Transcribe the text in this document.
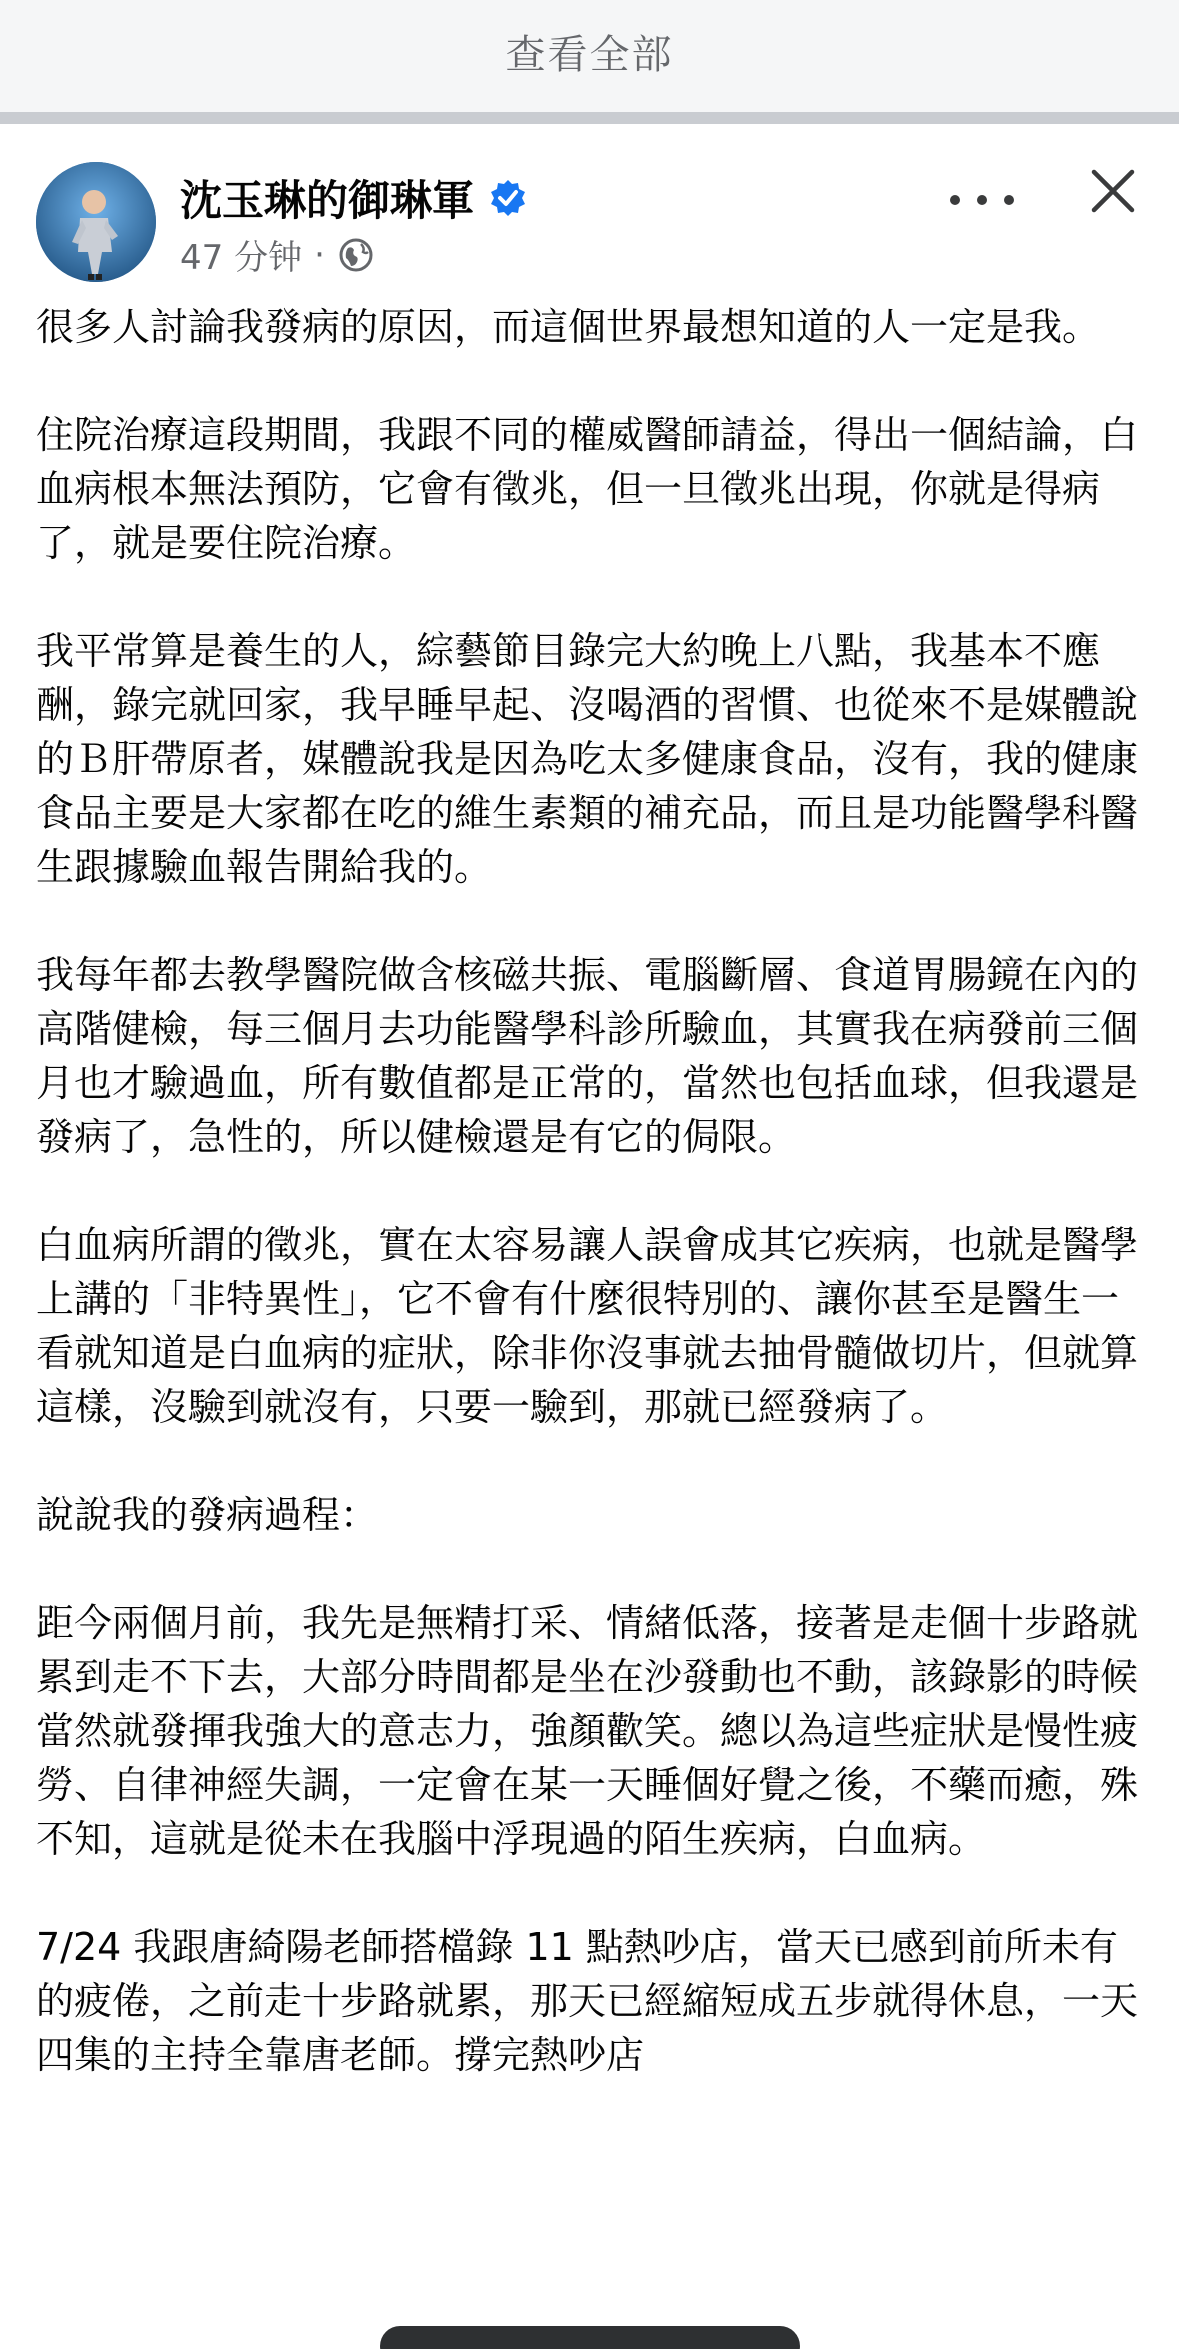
查看全部
沈玉琳的御琳軍
47 分钟 ·

很多人討論我發病的原因，而這個世界最想知道的人一定是我。

住院治療這段期間，我跟不同的權威醫師請益，得出一個結論，白血病根本無法預防，它會有徵兆，但一旦徵兆出現，你就是得病了，就是要住院治療。

我平常算是養生的人，綜藝節目錄完大約晚上八點，我基本不應酬，錄完就回家，我早睡早起、沒喝酒的習慣、也從來不是媒體說的Ｂ肝帶原者，媒體說我是因為吃太多健康食品，沒有，我的健康食品主要是大家都在吃的維生素類的補充品，而且是功能醫學科醫生跟據驗血報告開給我的。

我每年都去教學醫院做含核磁共振、電腦斷層、食道胃腸鏡在內的高階健檢，每三個月去功能醫學科診所驗血，其實我在病發前三個月也才驗過血，所有數值都是正常的，當然也包括血球，但我還是發病了，急性的，所以健檢還是有它的侷限。

白血病所謂的徵兆，實在太容易讓人誤會成其它疾病，也就是醫學上講的「非特異性」，它不會有什麼很特別的、讓你甚至是醫生一看就知道是白血病的症狀，除非你沒事就去抽骨髓做切片，但就算這樣，沒驗到就沒有，只要一驗到，那就已經發病了。

說說我的發病過程：

距今兩個月前，我先是無精打采、情緒低落，接著是走個十步路就累到走不下去，大部分時間都是坐在沙發動也不動，該錄影的時候當然就發揮我強大的意志力，強顏歡笑。總以為這些症狀是慢性疲勞、自律神經失調，一定會在某一天睡個好覺之後，不藥而癒，殊不知，這就是從未在我腦中浮現過的陌生疾病，白血病。

7/24 我跟唐綺陽老師搭檔錄 11 點熱吵店，當天已感到前所未有的疲倦，之前走十步路就累，那天已經縮短成五步就得休息，一天四集的主持全靠唐老師。撐完熱吵店
